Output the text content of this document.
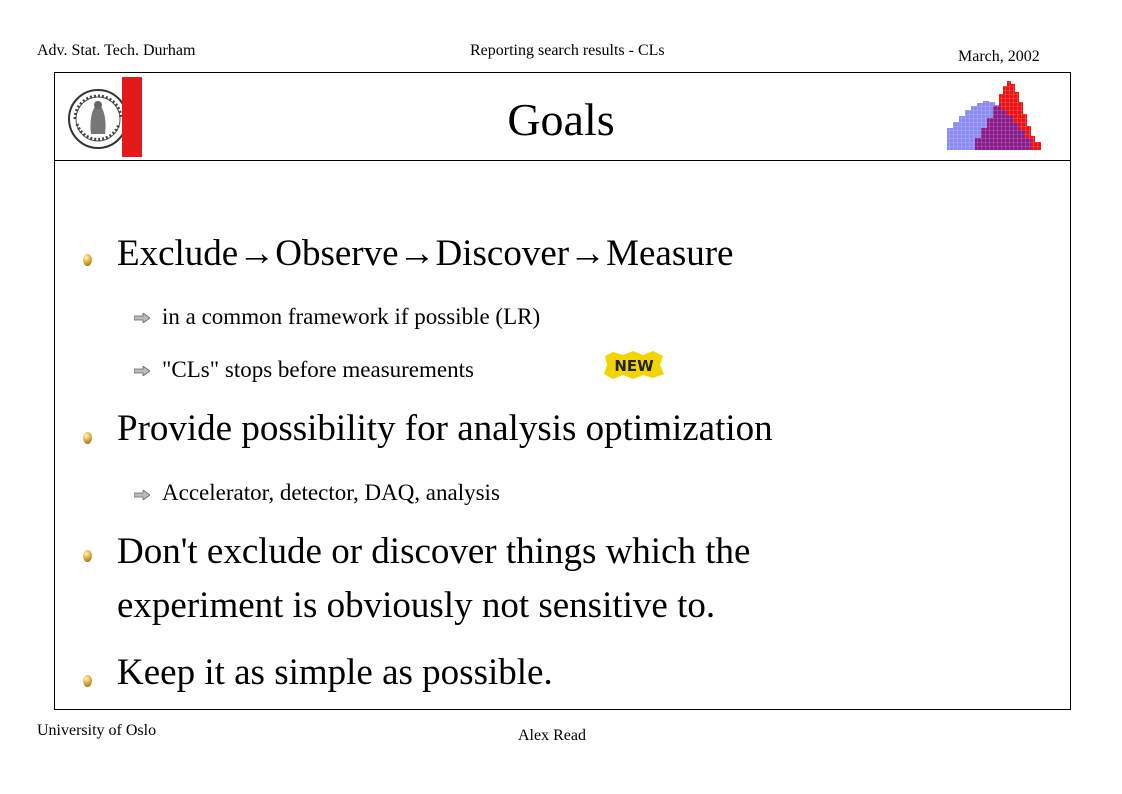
Adv. Stat. Tech. Durham	Reporting search results - CLs	March, 2002
Goals
Exclude→Observe→Discover→Measure
in a common framework if possible (LR)
"CLs" stops before measurements	NEW
Provide possibility for analysis optimization
Accelerator, detector, DAQ, analysis
Don't exclude or discover things which the
experiment is obviously not sensitive to.
Keep it as simple as possible.
University of Oslo	Alex Read
